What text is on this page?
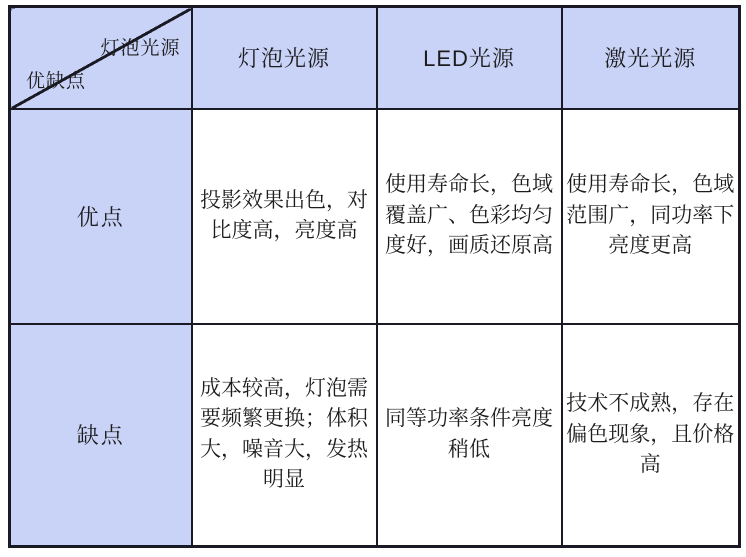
灯泡光源
优缺点	灯泡光源	LED光源	激光光源
优点	投影效果出色，对比度高，亮度高	使用寿命长，色域覆盖广、色彩均匀度好，画质还原高	使用寿命长，色域范围广，同功率下亮度更高
缺点	成本较高，灯泡需要频繁更换；体积大，噪音大，发热明显	同等功率条件亮度稍低	技术不成熟，存在偏色现象，且价格高
